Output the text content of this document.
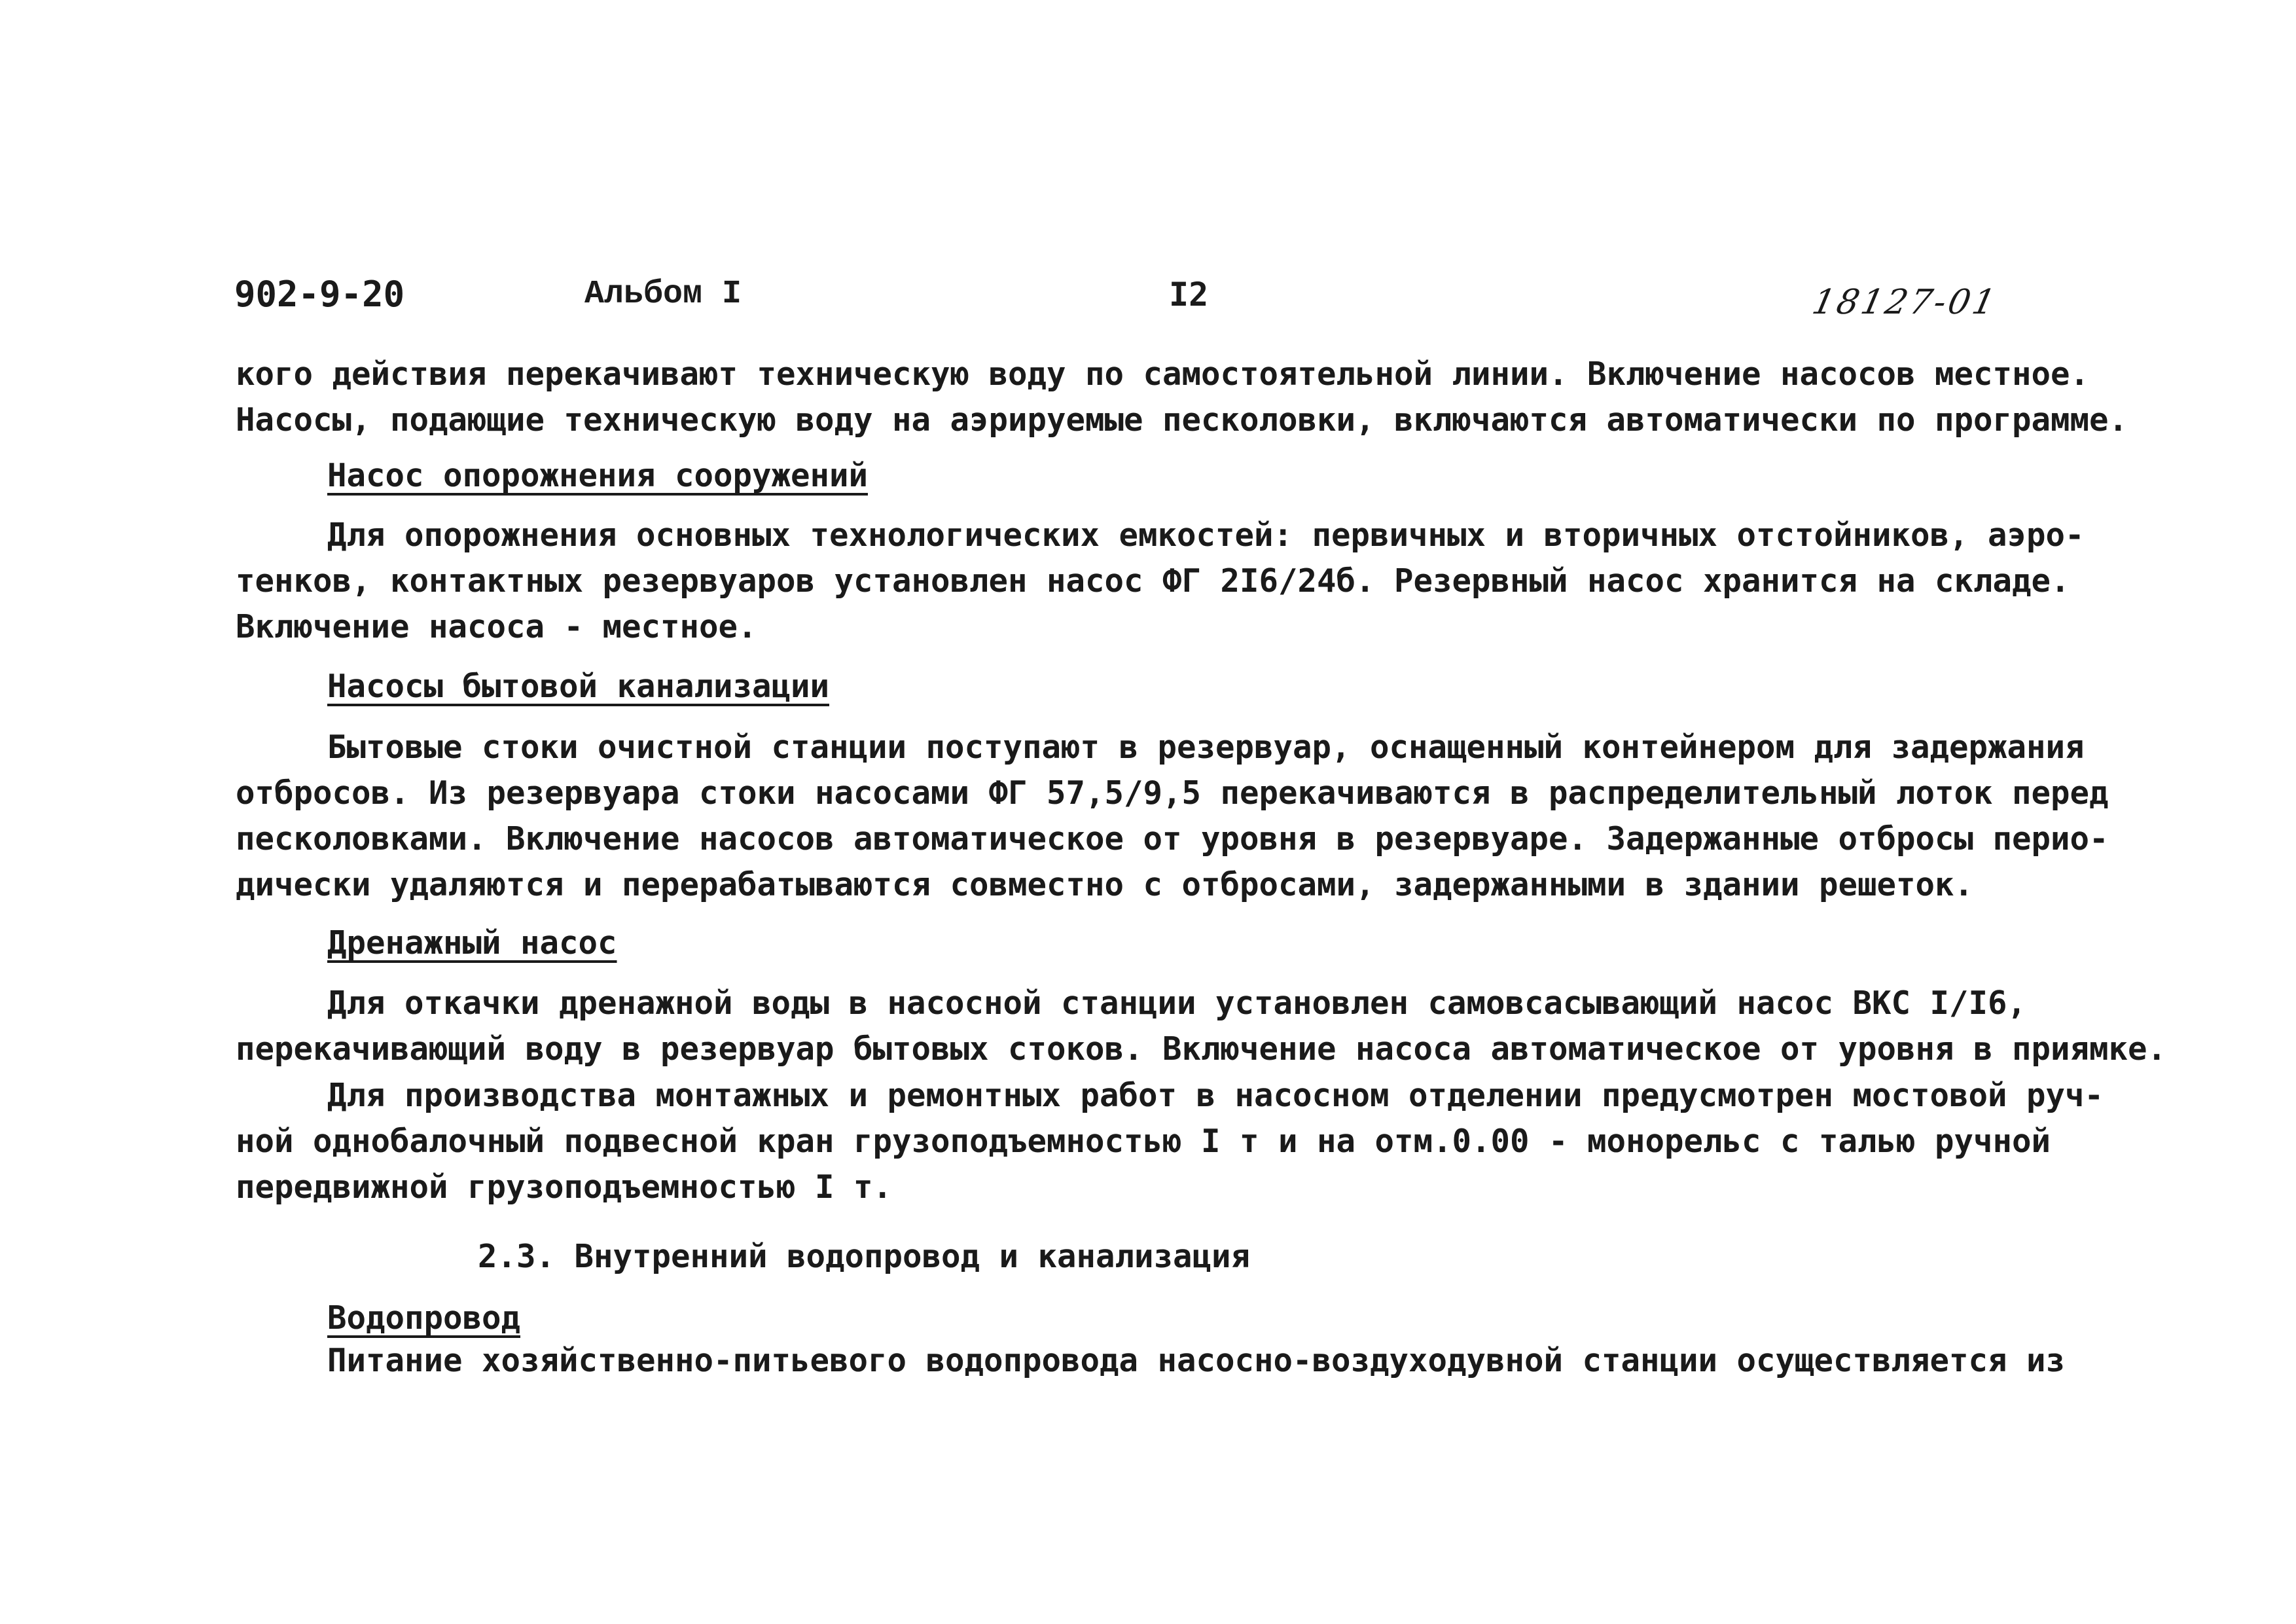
902-9-20	Альбом I	I2	18127-01
кого действия перекачивают техническую воду по самостоятельной линии. Включение насосов местное.
Насосы, подающие техническую воду на аэрируемые песколовки, включаются автоматически по программе.
Насос опорожнения сооружений
Для опорожнения основных технологических емкостей: первичных и вторичных отстойников, аэро-
тенков, контактных резервуаров установлен насос ФГ 2I6/24б. Резервный насос хранится на складе.
Включение насоса - местное.
Насосы бытовой канализации
Бытовые стоки очистной станции поступают в резервуар, оснащенный контейнером для задержания
отбросов. Из резервуара стоки насосами ФГ 57,5/9,5 перекачиваются в распределительный лоток перед
песколовками. Включение насосов автоматическое от уровня в резервуаре. Задержанные отбросы перио-
дически удаляются и перерабатываются совместно с отбросами, задержанными в здании решеток.
Дренажный насос
Для откачки дренажной воды в насосной станции установлен самовсасывающий насос ВКС I/I6,
перекачивающий воду в резервуар бытовых стоков. Включение насоса автоматическое от уровня в приямке.
Для производства монтажных и ремонтных работ в насосном отделении предусмотрен мостовой руч-
ной однобалочный подвесной кран грузоподъемностью I т и на отм.0.00 - монорельс с талью ручной
передвижной грузоподъемностью I т.
2.3. Внутренний водопровод и канализация
Водопровод
Питание хозяйственно-питьевого водопровода насосно-воздуходувной станции осуществляется из
